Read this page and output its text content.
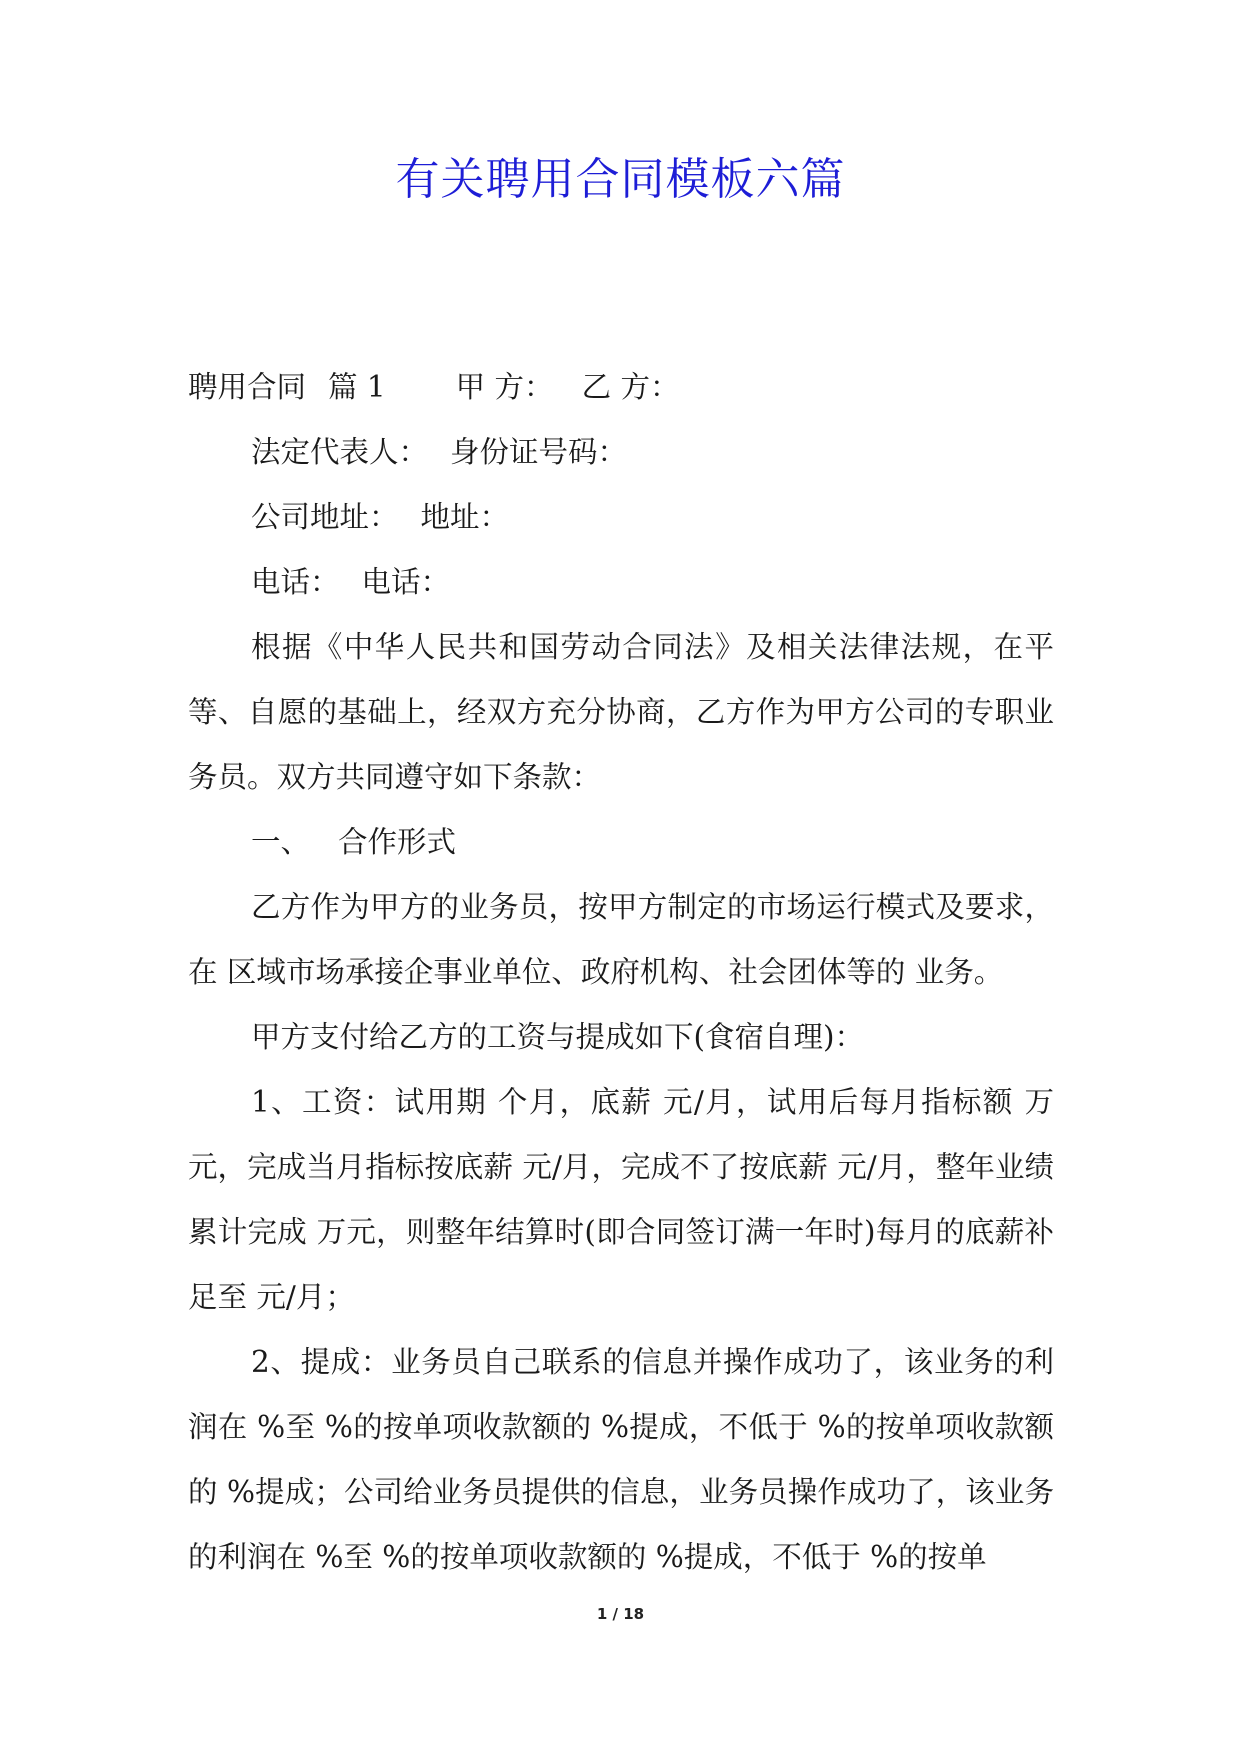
有关聘用合同模板六篇

聘用合同 篇 1 甲 方： 乙 方：

法定代表人： 身份证号码：

公司地址： 地址：

电话： 电话：

根据《中华人民共和国劳动合同法》及相关法律法规，在平等、自愿的基础上，经双方充分协商，乙方作为甲方公司的专职业务员。双方共同遵守如下条款：

一、 合作形式

乙方作为甲方的业务员，按甲方制定的市场运行模式及要求，在 区域市场承接企事业单位、政府机构、社会团体等的 业务。

甲方支付给乙方的工资与提成如下(食宿自理)：

1、工资：试用期 个月，底薪 元/月，试用后每月指标额 万元，完成当月指标按底薪 元/月，完成不了按底薪 元/月，整年业绩累计完成 万元，则整年结算时(即合同签订满一年时)每月的底薪补足至 元/月；

2、提成：业务员自己联系的信息并操作成功了，该业务的利润在 %至 %的按单项收款额的 %提成，不低于 %的按单项收款额的 %提成；公司给业务员提供的信息，业务员操作成功了，该业务的利润在 %至 %的按单项收款额的 %提成，不低于 %的按单

1 / 18
